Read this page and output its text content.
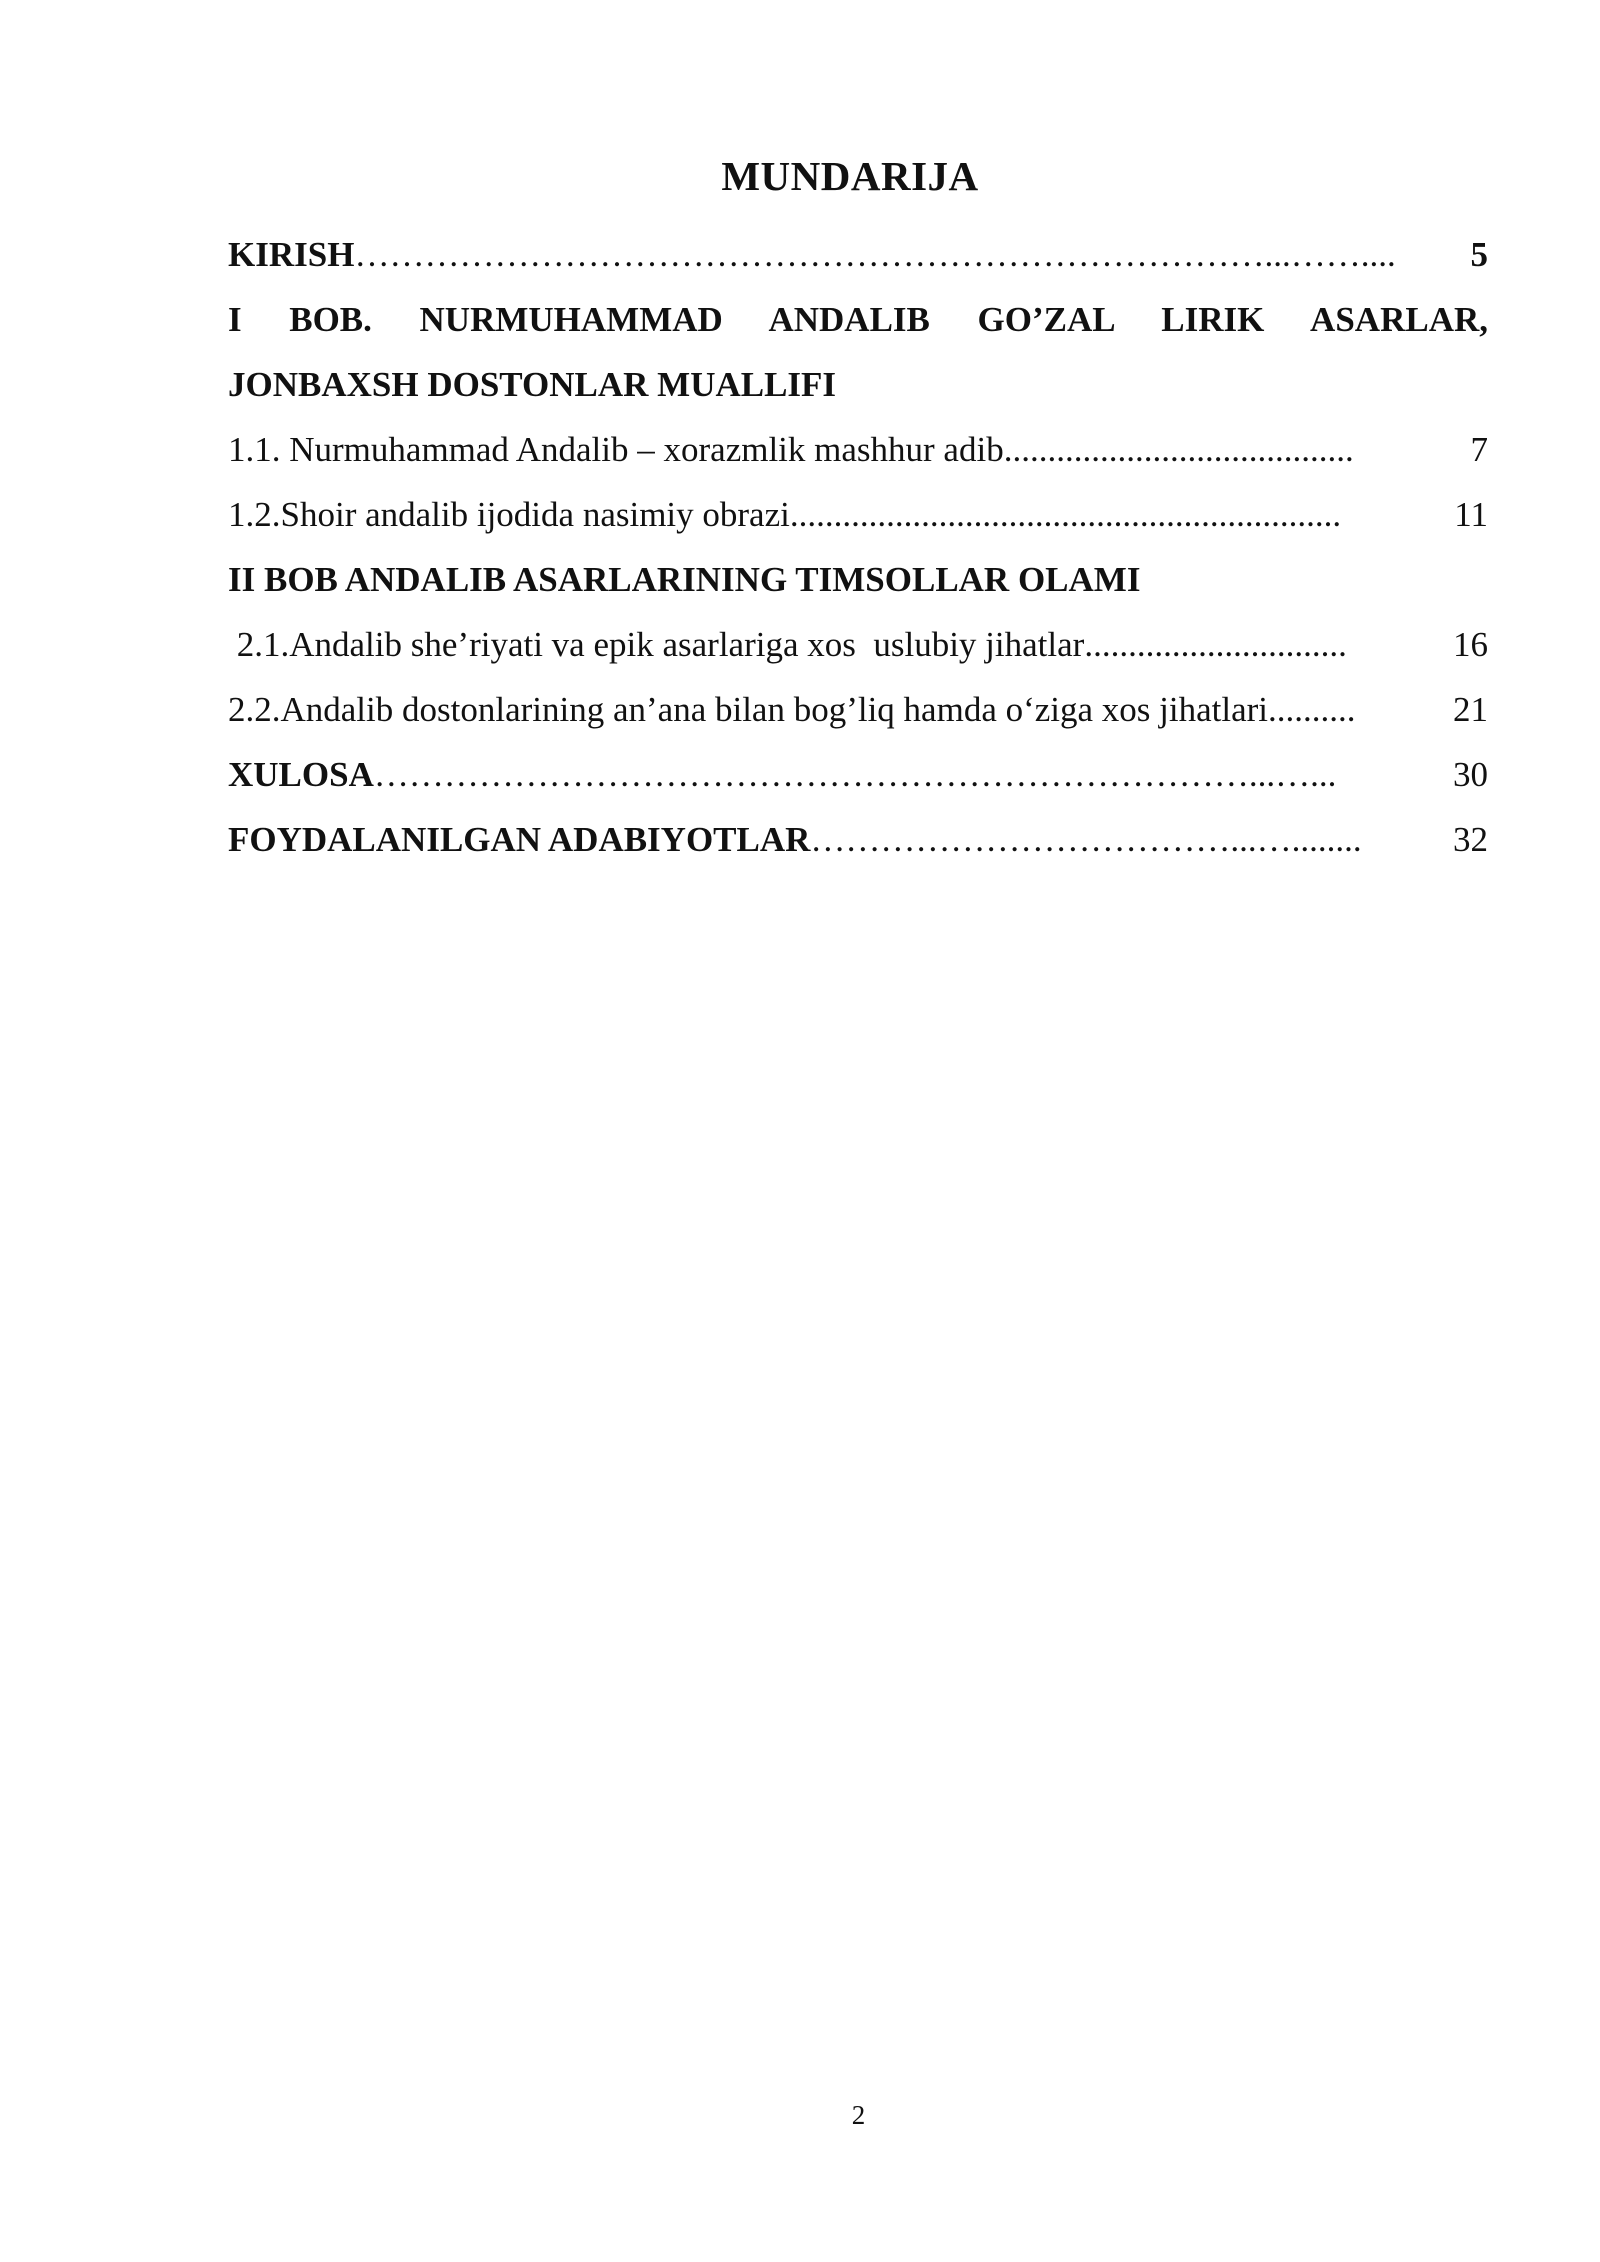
MUNDARIJA
KIRISH ……………………………………………………………………...……....	5
I BOB. NURMUHAMMAD ANDALIB GO’ZAL LIRIK ASARLAR,
JONBAXSH DOSTONLAR MUALLIFI
1.1. Nurmuhammad Andalib – xorazmlik mashhur adib ........................................	7
1.2.Shoir andalib ijodida nasimiy obrazi ...............................................................	11
II BOB ANDALIB ASARLARINING TIMSOLLAR OLAMI
2.1.Andalib she’riyati va epik asarlariga xos  uslubiy jihatlar ..............................	16
2.2.Andalib dostonlarining an’ana bilan bog’liq hamda o‘ziga xos jihatlari ..........	21
XULOSA …………………………………………………………………...…...	30
FOYDALANILGAN ADABIYOTLAR ………………………………...…........	32
2
